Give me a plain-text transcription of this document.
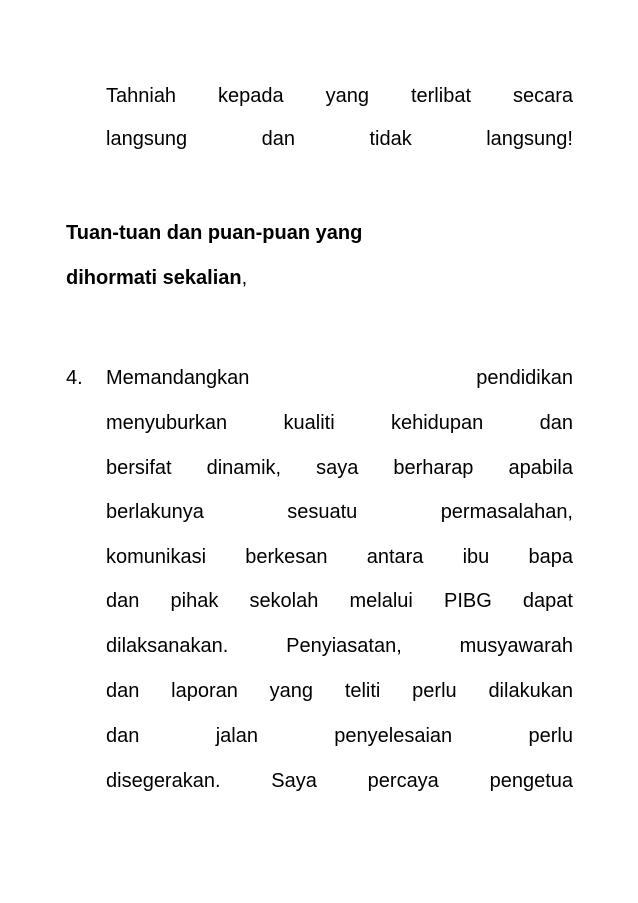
Tahniah kepada yang terlibat secara
langsung	dan	tidak	langsung!
Tuan-tuan dan puan-puan yang
dihormati sekalian,
4. Memandangkan	pendidikan
menyuburkan	kualiti	kehidupan	dan
bersifat dinamik, saya berharap apabila
berlakunya	sesuatu	permasalahan,
komunikasi berkesan antara ibu bapa
dan pihak sekolah melalui PIBG dapat
dilaksanakan.	Penyiasatan,	musyawarah
dan laporan yang teliti perlu dilakukan
dan	jalan	penyelesaian	perlu
disegerakan.	Saya	percaya	pengetua
